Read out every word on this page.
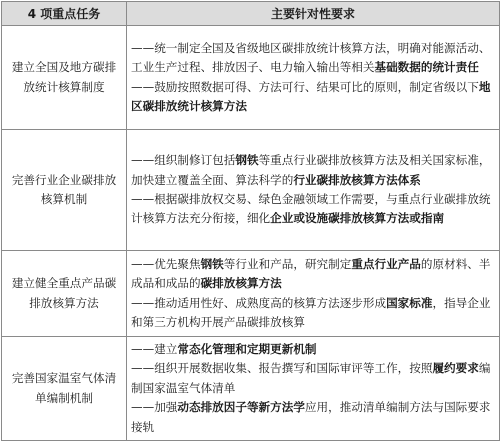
4 项重点任务	主要针对性要求
建立全国及地方碳排放统计核算制度	——统一制定全国及省级地区碳排放统计核算方法，明确对能源活动、工业生产过程、排放因子、电力输入输出等相关基础数据的统计责任

——鼓励按照数据可得、方法可行、结果可比的原则，制定省级以下地区碳排放统计核算方法

完善行业企业碳排放核算机制	——组织制修订包括钢铁等重点行业碳排放核算方法及相关国家标准，加快建立覆盖全面、算法科学的行业碳排放核算方法体系

——根据碳排放权交易、绿色金融领域工作需要，与重点行业碳排放统计核算方法充分衔接，细化企业或设施碳排放核算方法或指南

建立健全重点产品碳排放核算方法	——优先聚焦钢铁等行业和产品，研究制定重点行业产品的原材料、半成品和成品的碳排放核算方法

——推动适用性好、成熟度高的核算方法逐步形成国家标准，指导企业和第三方机构开展产品碳排放核算

完善国家温室气体清单编制机制	——建立常态化管理和定期更新机制

——组织开展数据收集、报告撰写和国际审评等工作，按照履约要求编制国家温室气体清单

——加强动态排放因子等新方法学应用，推动清单编制方法与国际要求接轨
